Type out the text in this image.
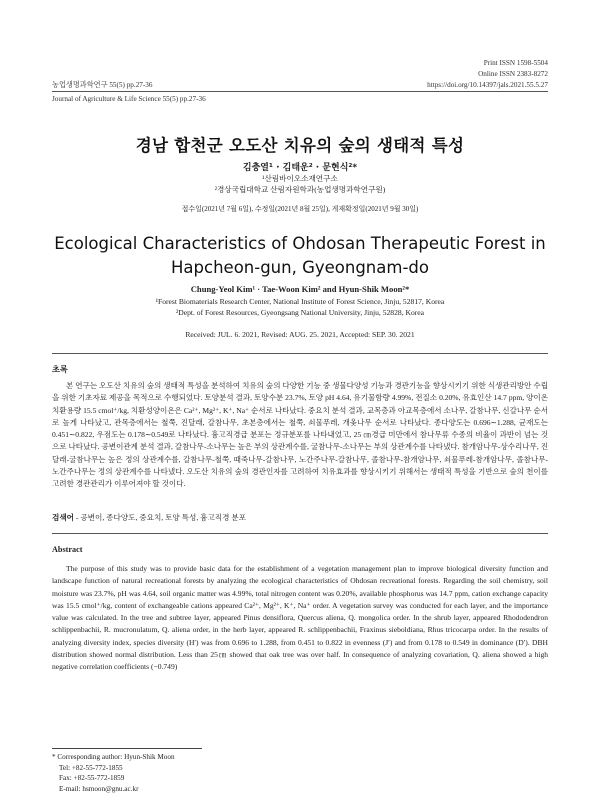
Print ISSN 1598-5504
Online ISSN 2383-8272
농업생명과학연구 55(5) pp.27-36	https://doi.org/10.14397/jals.2021.55.5.27
Journal of Agriculture & Life Science 55(5) pp.27-36
경남 합천군 오도산 치유의 숲의 생태적 특성
김충열¹ · 김태운² · 문현식²*
¹산림바이오소재연구소
²경상국립대학교 산림자원학과(농업생명과학연구원)
접수일(2021년 7월 6일), 수정일(2021년 8월 25일), 게재확정일(2021년 9월 30일)
Ecological Characteristics of Ohdosan Therapeutic Forest in
Hapcheon-gun, Gyeongnam-do
Chung-Yeol Kim¹ · Tae-Woon Kim² and Hyun-Shik Moon²*
¹Forest Biomaterials Research Center, National Institute of Forest Science, Jinju, 52817, Korea
²Dept. of Forest Resources, Gyeongsang National University, Jinju, 52828, Korea
Received: JUL. 6. 2021, Revised: AUG. 25. 2021, Accepted: SEP. 30. 2021
초록

본 연구는 오도산 치유의 숲의 생태적 특성을 분석하여 치유의 숲의 다양한 기능 중 생물다양성 기능과 경관기능을 향상시키기 위한 식생관리방안 수립을 위한 기초자료 제공을 목적으로 수행되었다. 토양분석 결과, 토양수분 23.7%, 토양 pH 4.64, 유기물함량 4.99%, 전질소 0.20%, 유효인산 14.7 ppm, 양이온치환용량 15.5 cmol⁺/kg, 치환성양이온은 Ca²⁺, Mg²⁺, K⁺, Na⁺ 순서로 나타났다. 중요치 분석 결과, 교목층과 아교목층에서 소나무, 갈참나무, 신갈나무 순서로 높게 나타났고, 관목층에서는 철쭉, 진달래, 갈참나무, 초본층에서는 철쭉, 쇠물푸레, 개옻나무 순서로 나타났다. 종다양도는 0.696∼1.288, 균재도는 0.451∼0.822, 우점도는 0.178∼0.549로 나타났다. 흉고직경급 분포는 정규분포를 나타내었고, 25 ㎝경급 미만에서 참나무류 수종의 비율이 과반이 넘는 것으로 나타났다. 공변이관계 분석 결과, 갈참나무-소나무는 높은 부의 상관계수를, 굴참나무-소나무는 부의 상관계수를 나타냈다. 참개암나무-상수리나무, 진달래-굴참나무는 높은 정의 상관계수를, 갈참나무-철쭉, 때죽나무-갈참나무, 노간주나무-갈참나무, 졸참나무-참개암나무, 쇠물푸레-참개암나무, 졸참나무-노간주나무는 정의 상관계수를 나타냈다. 오도산 치유의 숲의 경관인자를 고려하여 치유효과를 향상시키기 위해서는 생태적 특성을 기반으로 숲의 천이를 고려한 경관관리가 이루어져야 할 것이다.

검색어 - 공변이, 종다양도, 중요치, 토양 특성, 흉고직경 분포
Abstract

The purpose of this study was to provide basic data for the establishment of a vegetation management plan to improve biological diversity function and landscape function of natural recreational forests by analyzing the ecological characteristics of Ohdosan recreational forests. Regarding the soil chemistry, soil moisture was 23.7%, pH was 4.64, soil organic matter was 4.99%, total nitrogen content was 0.20%, available phosphorus was 14.7 ppm, cation exchange capacity was 15.5 cmol⁺/kg, content of exchangeable cations appeared Ca²⁺, Mg²⁺, K⁺, Na⁺ order. A vegetation survey was conducted for each layer, and the importance value was calculated. In the tree and subtree layer, appeared Pinus densiflora, Quercus aliena, Q. mongolica order. In the shrub layer, appeared Rhododendron schlippenbachii, R. mucronulatum, Q. aliena order, in the herb layer, appeared R. schlippenbachii, Fraxinus sieboldiana, Rhus tricocarpa order. In the results of analyzing diversity index, species diversity (H′) was from 0.696 to 1.288, from 0.451 to 0.822 in evenness (J′) and from 0.178 to 0.549 in dominance (D′). DBH distribution showed normal distribution. Less than 25㎝ showed that oak tree was over half. In consequence of analyzing covariation, Q. aliena showed a high negative correlation coefficients (−0.749)

* Corresponding author: Hyun-Shik Moon
Tel: +82-55-772-1855
Fax: +82-55-772-1859
E-mail: hsmoon@gnu.ac.kr
